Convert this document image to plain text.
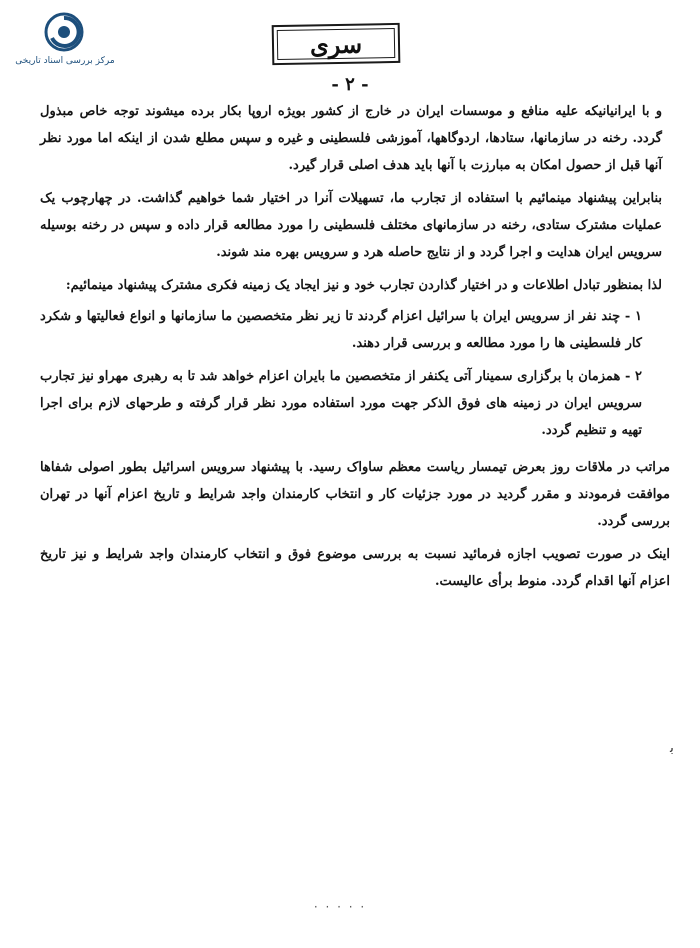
مرکز بررسی اسناد تاریخی
سری
- ۲ -

و با ایرانیانیکه علیه منافع و موسسات ایران در خارج از کشور بویژه اروپا بکار برده میشوند توجه خاص مبذول گردد. رخنه در سازمانها، ستادها، اردوگاهها، آموزشی فلسطینی و غیره و سپس مطلع شدن از اینکه اما مورد نظر آنها قبل از حصول امکان به مبارزت با آنها باید هدف اصلی قرار گیرد.

بنابراین پیشنهاد مینمائیم با استفاده از تجارب ما، تسهیلات آنرا در اختیار شما خواهیم گذاشت. در چهارچوب یک عملیات مشترک ستادی، رخنه در سازمانهای مختلف فلسطینی را مورد مطالعه قرار داده و سپس در رخنه بوسیله سرویس ایران هدایت و اجرا گردد و از نتایج حاصله هرد و سرویس بهره مند شوند.

لذا بمنظور تبادل اطلاعات و در اختیار گذاردن تجارب خود و نیز ایجاد یک زمینه فکری مشترک پیشنهاد مینمائیم:

۱ - چند نفر از سرویس ایران با سرائیل اعزام گردند تا زیر نظر متخصصین ما سازمانها و انواع فعالیتها و شکرد کار فلسطینی ها را مورد مطالعه و بررسی قرار دهند.

۲ - همزمان با برگزاری سمینار آتی یکنفر از متخصصین ما بایران اعزام خواهد شد تا به رهبری مهراو نیز تجارب سرویس ایران در زمینه های فوق الذکر جهت مورد استفاده مورد نظر قرار گرفته و طرحهای لازم برای اجرا تهیه و تنظیم گردد.

مراتب در ملاقات روز بعرض تیمسار ریاست معظم ساواک رسید. با پیشنهاد سرویس اسرائیل بطور اصولی شفاها موافقت فرمودند و مقرر گردید در مورد جزئیات کار و انتخاب کارمندان واجد شرایط و تاریخ اعزام آنها در تهران بررسی گردد.

اینک در صورت تصویب اجازه فرمائید نسبت به بررسی موضوع فوق و انتخاب کارمندان واجد شرایط و نیز تاریخ اعزام آنها اقدام گردد. منوط برأی عالیست.

ﺑ
· · · · ·
